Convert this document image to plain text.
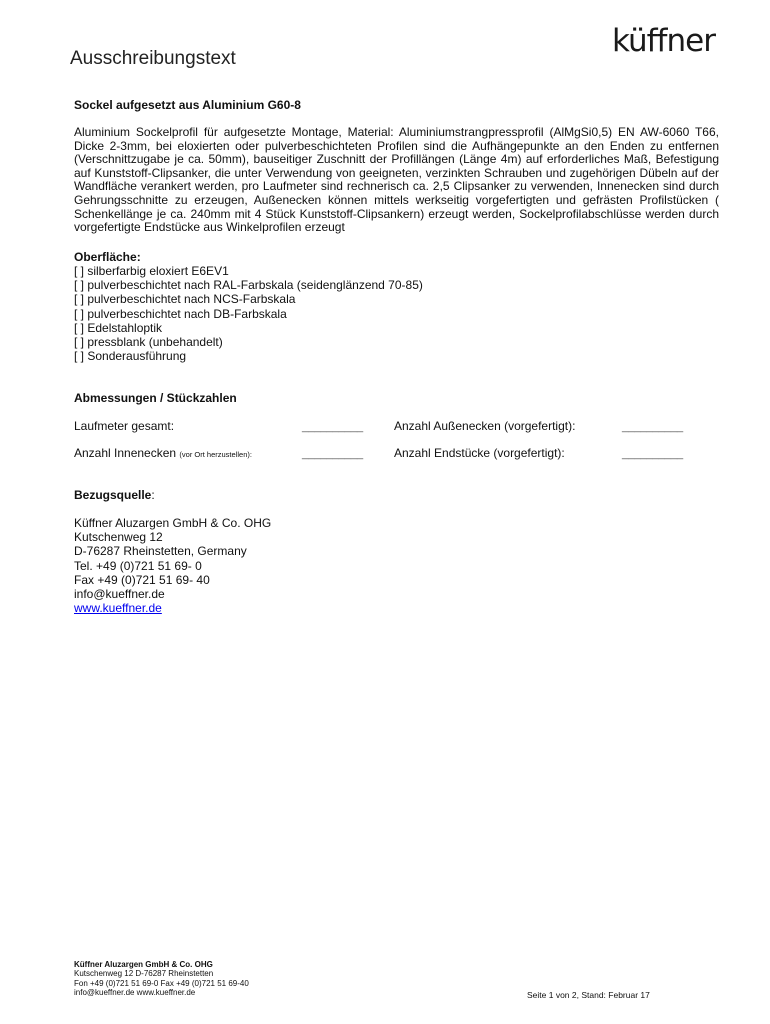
küffner
Ausschreibungstext
Sockel aufgesetzt aus Aluminium G60-8

Aluminium Sockelprofil für aufgesetzte Montage, Material: Aluminiumstrangpressprofil (AlMgSi0,5) EN AW-6060 T66, Dicke 2-3mm, bei eloxierten oder pulverbeschichteten Profilen sind die Aufhängepunkte an den Enden zu entfernen (Verschnittzugabe je ca. 50mm), bauseitiger Zuschnitt der Profillängen (Länge 4m) auf erforderliches Maß, Befestigung auf Kunststoff-Clipsanker, die unter Verwendung von geeigneten, verzinkten Schrauben und zugehörigen Dübeln auf der Wandfläche verankert werden, pro Laufmeter sind rechnerisch ca. 2,5 Clipsanker zu verwenden, Innenecken sind durch Gehrungsschnitte zu erzeugen, Außenecken können mittels werkseitig vorgefertigten und gefrästen Profilstücken ( Schenkellänge je ca. 240mm mit 4 Stück Kunststoff-Clipsankern) erzeugt werden, Sockelprofilabschlüsse werden durch vorgefertigte Endstücke aus Winkelprofilen erzeugt

Oberfläche:
[ ] silberfarbig eloxiert E6EV1
[ ] pulverbeschichtet nach RAL-Farbskala (seidenglänzend 70-85)
[ ] pulverbeschichtet nach NCS-Farbskala
[ ] pulverbeschichtet nach DB-Farbskala
[ ] Edelstahloptik
[ ] pressblank (unbehandelt)
[ ] Sonderausführung
Abmessungen / Stückzahlen
Laufmeter gesamt:	__________	Anzahl Außenecken (vorgefertigt):	__________
Anzahl Innenecken (vor Ort herzustellen):	__________	Anzahl Endstücke (vorgefertigt):	__________
Bezugsquelle:
Küffner Aluzargen GmbH & Co. OHG
Kutschenweg 12
D-76287 Rheinstetten, Germany
Tel. +49 (0)721 51 69- 0
Fax +49 (0)721 51 69- 40
info@kueffner.de
www.kueffner.de
Küffner Aluzargen GmbH & Co. OHG
Kutschenweg 12 D-76287 Rheinstetten
Fon +49 (0)721 51 69-0 Fax +49 (0)721 51 69-40
info@kueffner.de www.kueffner.de	Seite 1 von 2, Stand: Februar 17
